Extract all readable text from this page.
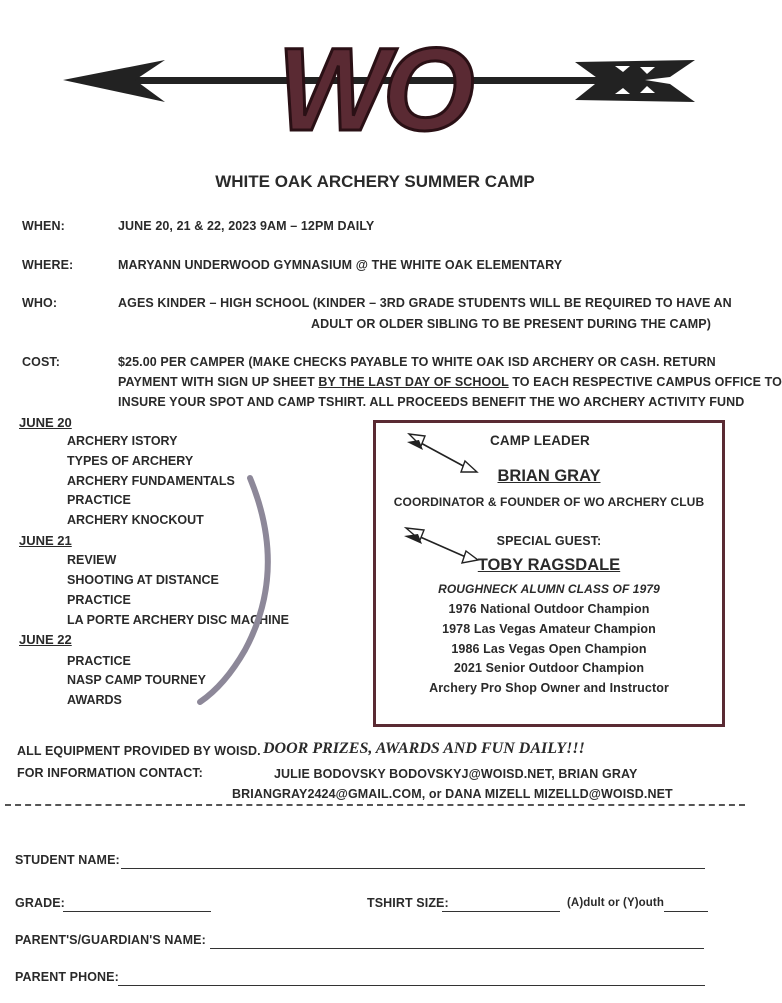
WO
WHITE OAK ARCHERY SUMMER CAMP
WHEN:	JUNE 20, 21 & 22, 2023 9AM – 12PM DAILY
WHERE:	MARYANN UNDERWOOD GYMNASIUM @ THE WHITE OAK ELEMENTARY
WHO:	AGES KINDER – HIGH SCHOOL (KINDER – 3RD GRADE STUDENTS WILL BE REQUIRED TO HAVE AN
ADULT OR OLDER SIBLING TO BE PRESENT DURING THE CAMP)
COST:	$25.00 PER CAMPER (MAKE CHECKS PAYABLE TO WHITE OAK ISD ARCHERY OR CASH. RETURN
PAYMENT WITH SIGN UP SHEET BY THE LAST DAY OF SCHOOL TO EACH RESPECTIVE CAMPUS OFFICE TO
INSURE YOUR SPOT AND CAMP TSHIRT. ALL PROCEEDS BENEFIT THE WO ARCHERY ACTIVITY FUND
JUNE 20
ARCHERY ISTORY
TYPES OF ARCHERY
ARCHERY FUNDAMENTALS
PRACTICE
ARCHERY KNOCKOUT
JUNE 21
REVIEW
SHOOTING AT DISTANCE
PRACTICE
LA PORTE ARCHERY DISC MACHINE
JUNE 22
PRACTICE
NASP CAMP TOURNEY
AWARDS
CAMP LEADER
BRIAN GRAY
COORDINATOR & FOUNDER OF WO ARCHERY CLUB
SPECIAL GUEST:
TOBY RAGSDALE
ROUGHNECK ALUMN CLASS OF 1979
1976 National Outdoor Champion
1978 Las Vegas Amateur Champion
1986 Las Vegas Open Champion
2021 Senior Outdoor Champion
Archery Pro Shop Owner and Instructor
ALL EQUIPMENT PROVIDED BY WOISD. DOOR PRIZES, AWARDS AND FUN DAILY!!!
FOR INFORMATION CONTACT:	JULIE BODOVSKY BODOVSKYJ@WOISD.NET, BRIAN GRAY
BRIANGRAY2424@GMAIL.COM, or DANA MIZELL MIZELLD@WOISD.NET
STUDENT NAME:
GRADE:	TSHIRT SIZE:	(A)dult or (Y)outh
PARENT'S/GUARDIAN'S NAME:
PARENT PHONE:
